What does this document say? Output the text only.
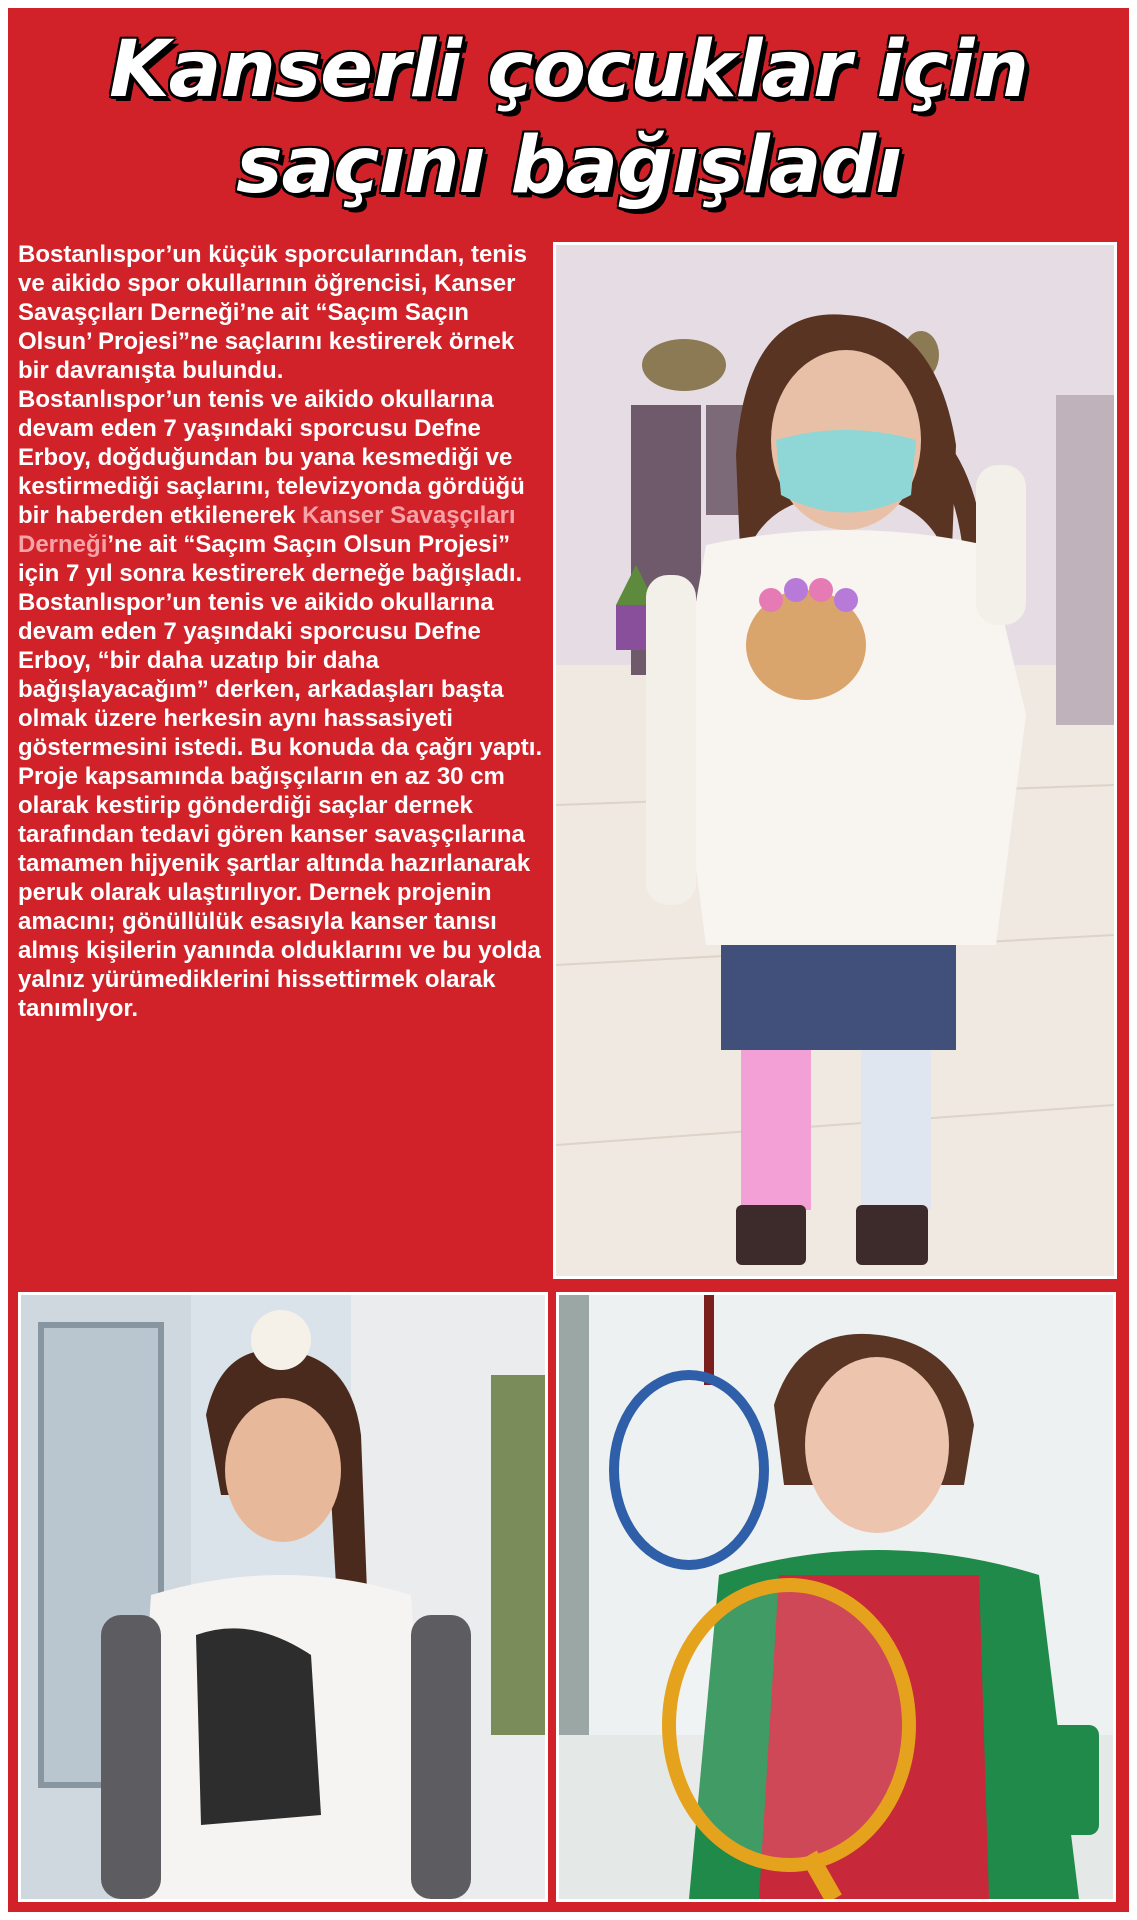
Kanserli çocuklar için
saçını bağışladı

Bostanlıspor’un küçük sporcularından, tenis ve aikido spor okullarının öğrencisi, Kanser Savaşçıları Derneği’ne ait “Saçım Saçın Olsun’ Projesi”ne saçlarını kestirerek örnek bir davranışta bulundu.

Bostanlıspor’un tenis ve aikido okullarına devam eden 7 yaşındaki sporcusu Defne Erboy, doğduğundan bu yana kesmediği ve kestirmediği saçlarını, televizyonda gördüğü bir haberden etkilenerek Kanser Savaşçıları Derneği’ne ait “Saçım Saçın Olsun Projesi” için 7 yıl sonra kestirerek derneğe bağışladı.

Bostanlıspor’un tenis ve aikido okullarına devam eden 7 yaşındaki sporcusu Defne Erboy, “bir daha uzatıp bir daha bağışlayacağım” derken, arkadaşları başta olmak üzere herkesin aynı hassasiyeti göstermesini istedi. Bu konuda da çağrı yaptı.

Proje kapsamında bağışçıların en az 30 cm olarak kestirip gönderdiği saçlar dernek tarafından tedavi gören kanser savaşçılarına tamamen hijyenik şartlar altında hazırlanarak peruk olarak ulaştırılıyor. Dernek projenin amacını; gönüllülük esasıyla kanser tanısı almış kişilerin yanında olduklarını ve bu yolda yalnız yürümediklerini hissettirmek olarak tanımlıyor.
